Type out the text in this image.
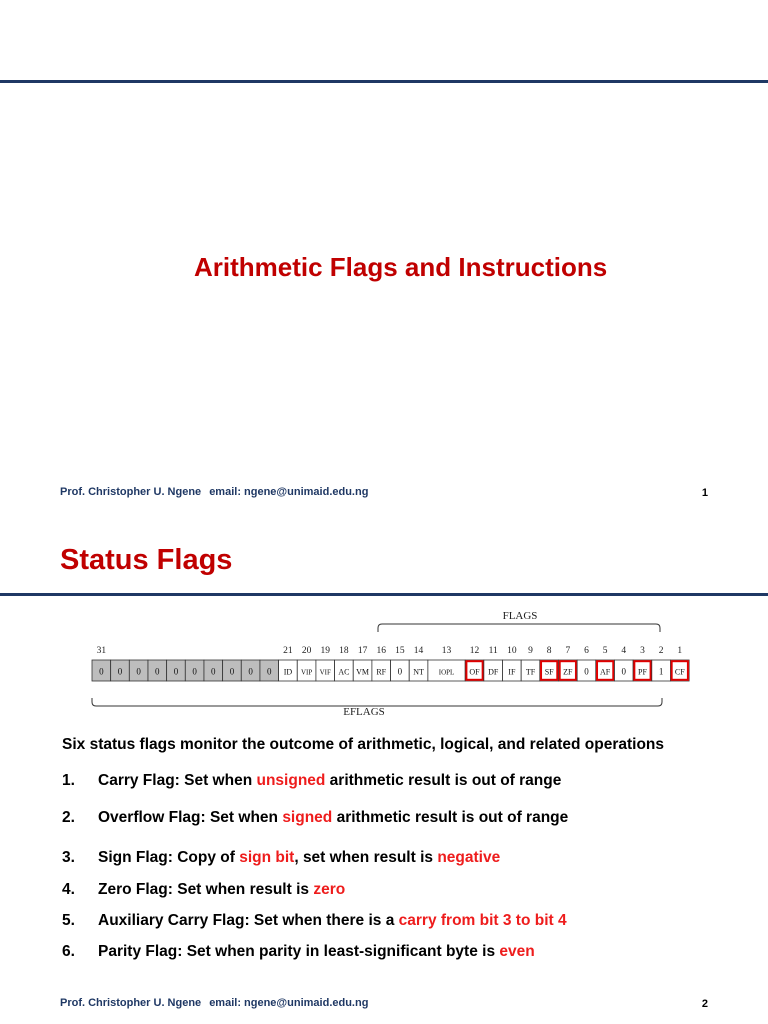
Arithmetic Flags and Instructions
Prof. Christopher U. Ngene email: ngene@unimaid.edu.ng	1
Status Flags
FLAGS
EFLAGS
31	21 20 19 18 17 16 15 14 13 12 11 10 9 8 7 6 5 4 3 2 1
0 0 0 0 0 0 0 0 0 0 ID VIP VIF AC VM RF 0 NT IOPL OF DF IF TF SF ZF 0 AF 0 PF 1 CF
Six status flags monitor the outcome of arithmetic, logical, and related operations
1. Carry Flag: Set when unsigned arithmetic result is out of range
2. Overflow Flag: Set when signed arithmetic result is out of range
3. Sign Flag: Copy of sign bit, set when result is negative
4. Zero Flag: Set when result is zero
5. Auxiliary Carry Flag: Set when there is a carry from bit 3 to bit 4
6. Parity Flag: Set when parity in least-significant byte is even
Prof. Christopher U. Ngene email: ngene@unimaid.edu.ng	2
